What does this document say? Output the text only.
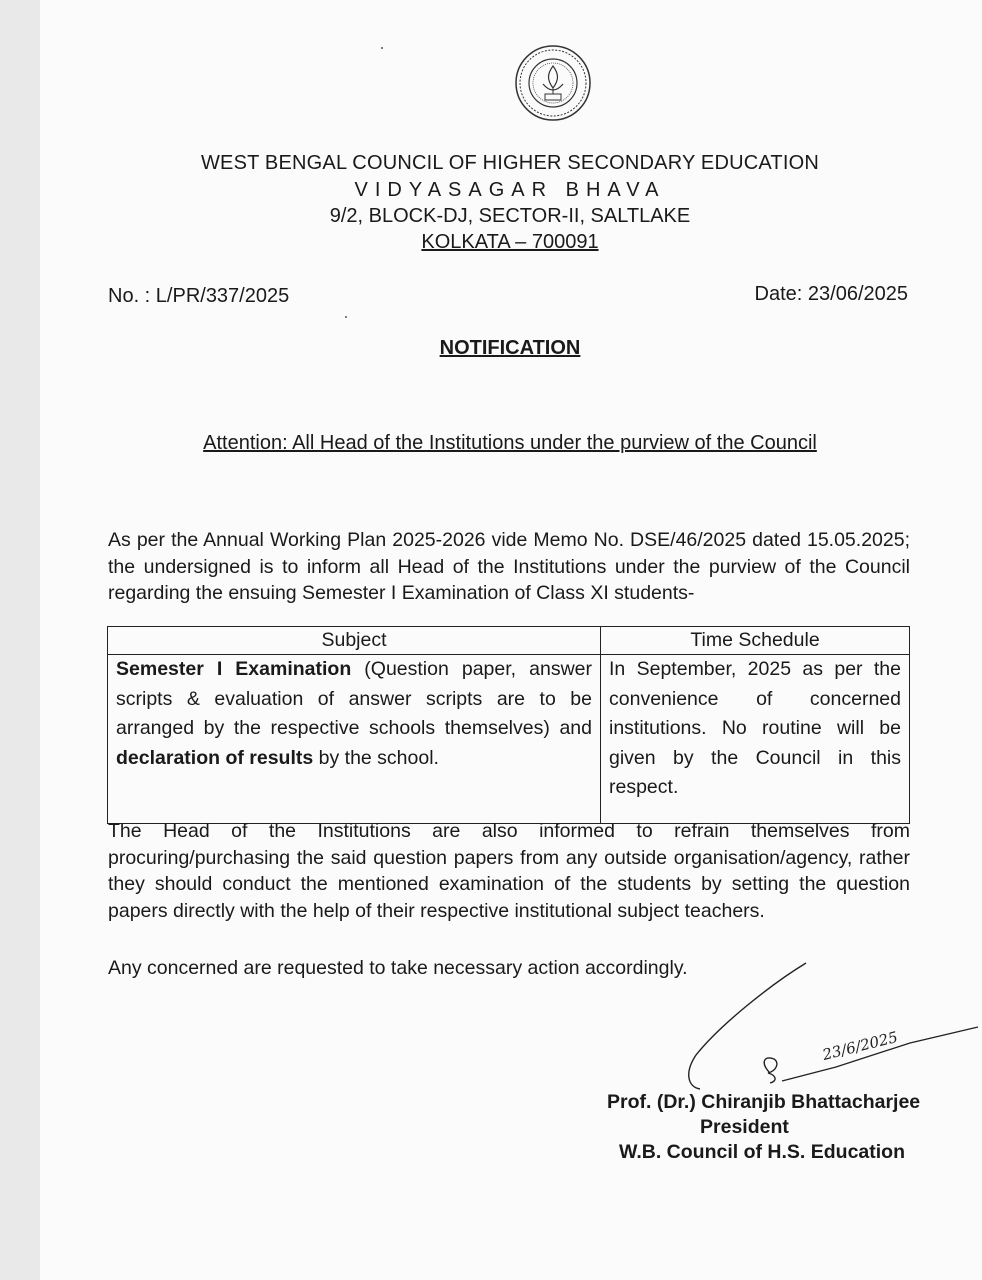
WEST BENGAL COUNCIL OF HIGHER SECONDARY EDUCATION
VIDYASAGAR BHAVA
9/2, BLOCK-DJ, SECTOR-II, SALTLAKE
KOLKATA – 700091
No. : L/PR/337/2025	Date: 23/06/2025
NOTIFICATION
Attention: All Head of the Institutions under the purview of the Council
As per the Annual Working Plan 2025-2026 vide Memo No. DSE/46/2025 dated 15.05.2025; the undersigned is to inform all Head of the Institutions under the purview of the Council regarding the ensuing Semester I Examination of Class XI students-
Subject	Time Schedule
Semester I Examination (Question paper, answer scripts & evaluation of answer scripts are to be arranged by the respective schools themselves) and declaration of results by the school.	In September, 2025 as per the convenience of concerned institutions. No routine will be given by the Council in this respect.
The Head of the Institutions are also informed to refrain themselves from procuring/purchasing the said question papers from any outside organisation/agency, rather they should conduct the mentioned examination of the students by setting the question papers directly with the help of their respective institutional subject teachers.
Any concerned are requested to take necessary action accordingly.
23/6/2025
Prof. (Dr.) Chiranjib Bhattacharjee
President
W.B. Council of H.S. Education
